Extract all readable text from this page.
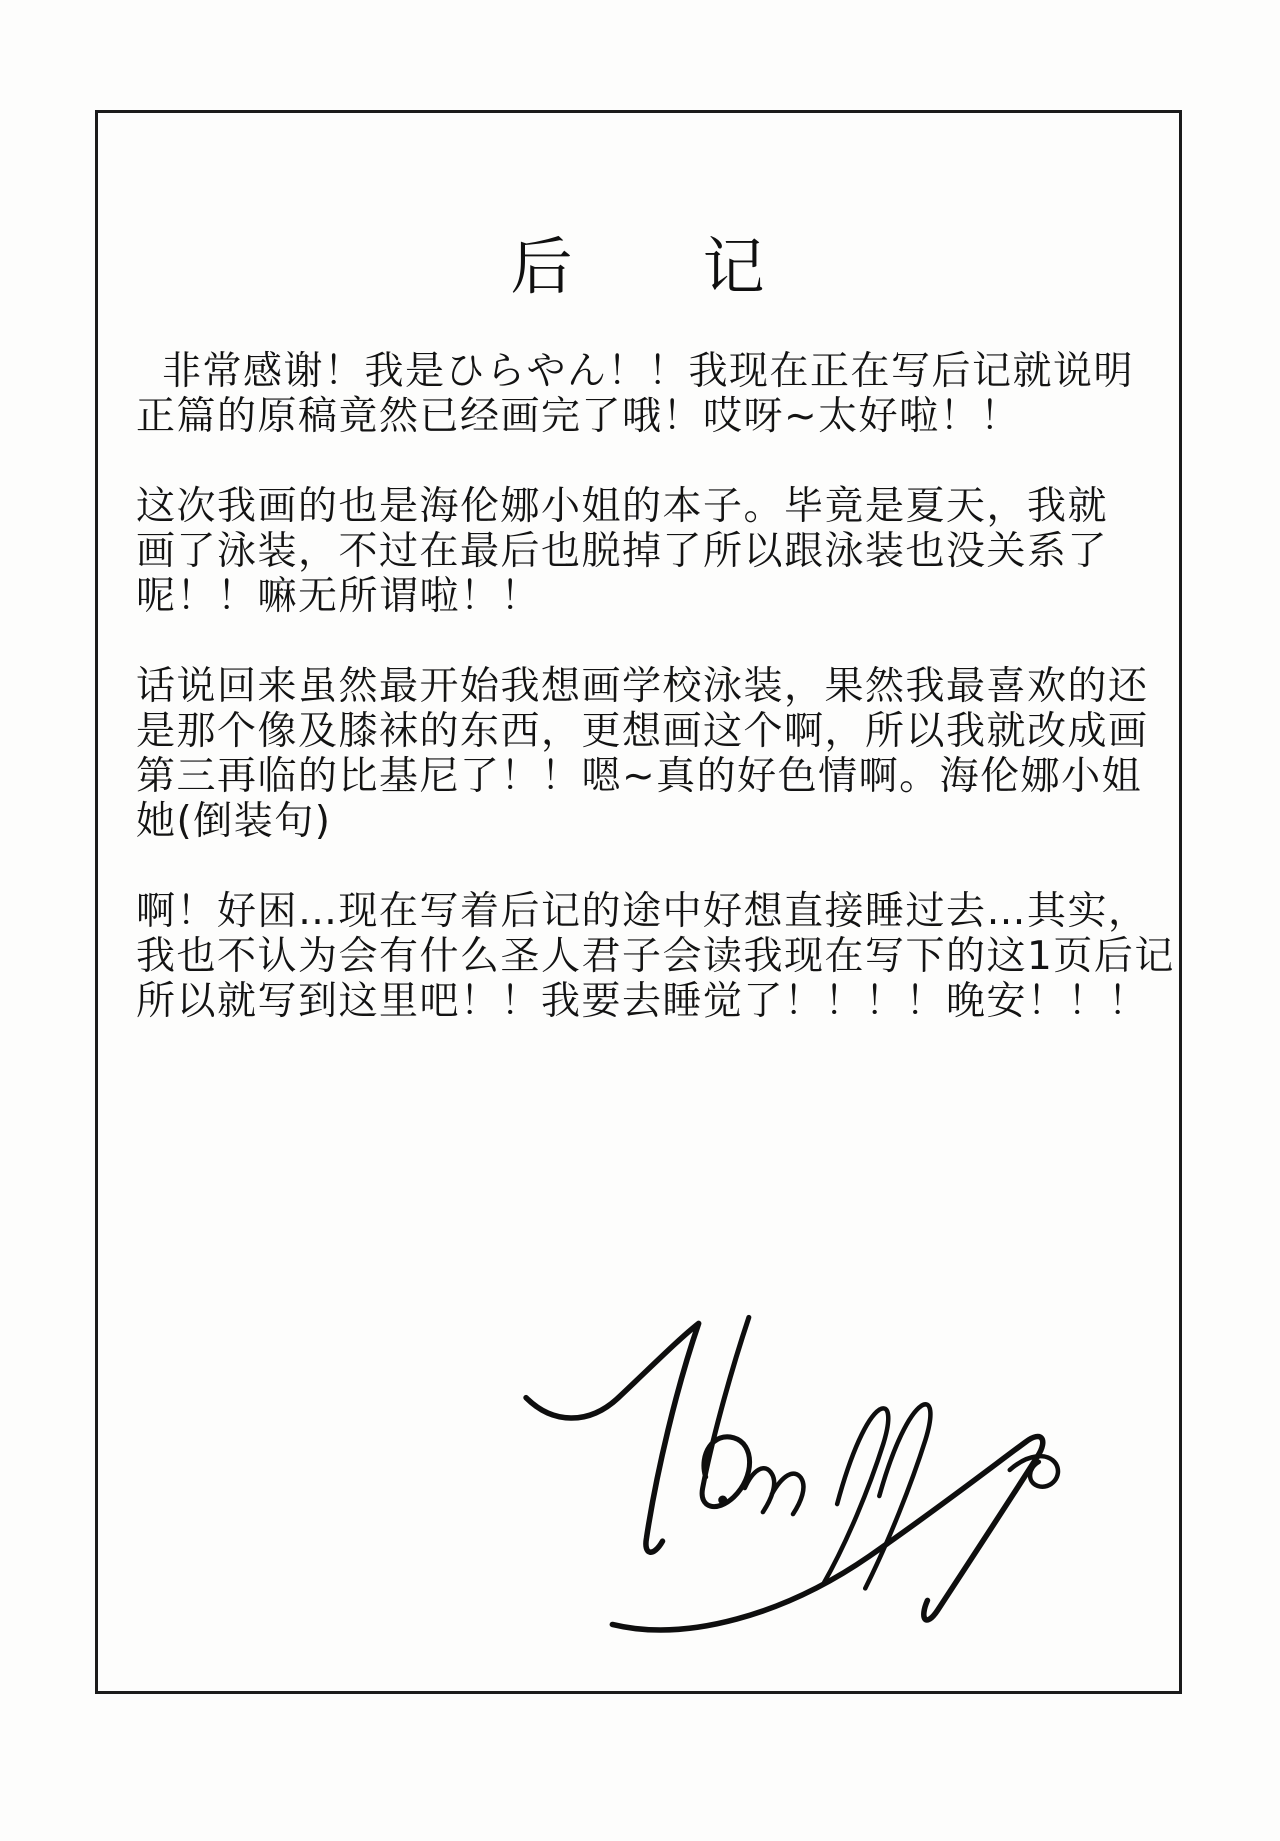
后　　记

非常感谢！我是ひらやん！！我现在正在写后记就说明
正篇的原稿竟然已经画完了哦！哎呀~太好啦！！

这次我画的也是海伦娜小姐的本子。毕竟是夏天，我就
画了泳装，不过在最后也脱掉了所以跟泳装也没关系了
呢！！嘛无所谓啦！！

话说回来虽然最开始我想画学校泳装，果然我最喜欢的还
是那个像及膝袜的东西，更想画这个啊，所以我就改成画
第三再临的比基尼了！！嗯~真的好色情啊。海伦娜小姐
她(倒装句)

啊！好困…现在写着后记的途中好想直接睡过去…其实，
我也不认为会有什么圣人君子会读我现在写下的这1页后记
所以就写到这里吧！！我要去睡觉了！！！！晚安！！！
